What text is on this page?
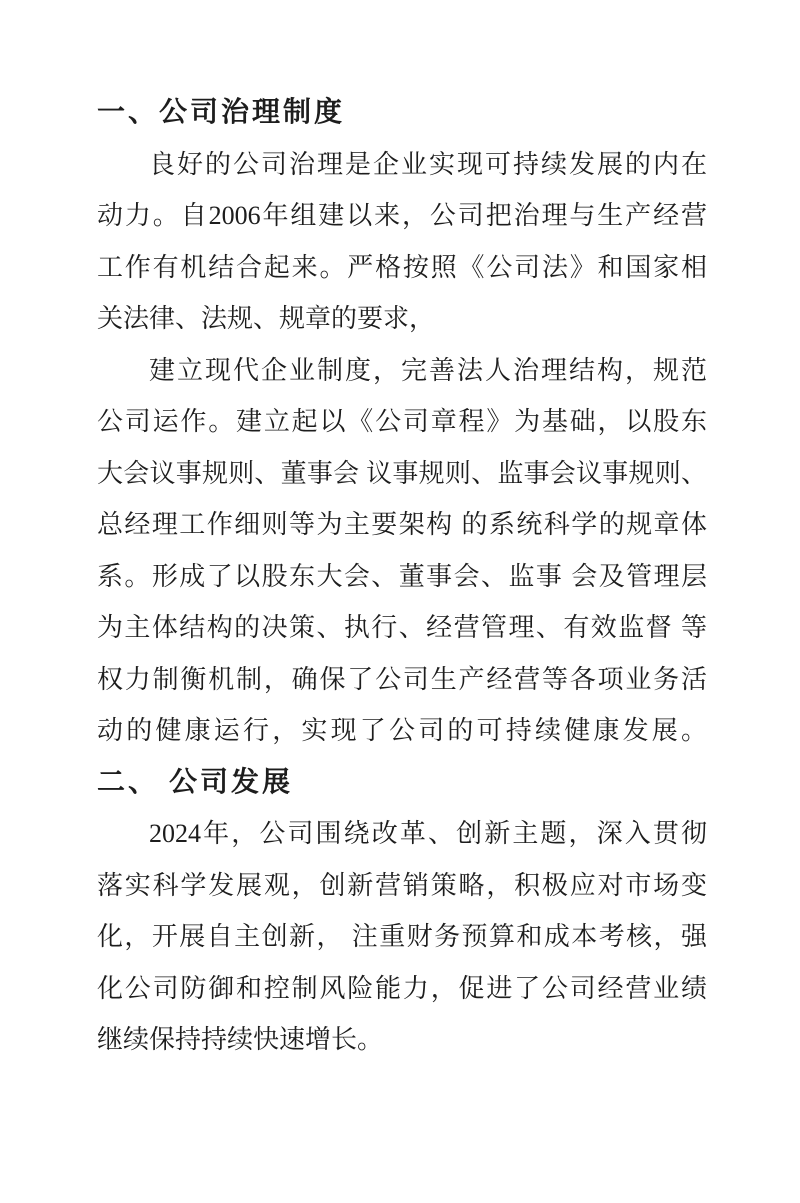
一、公司治理制度
良好的公司治理是企业实现可持续发展的内在
动力。自2006年组建以来，公司把治理与生产经营
工作有机结合起来。严格按照《公司法》和国家相
关法律、法规、规章的要求，
建立现代企业制度，完善法人治理结构，规范
公司运作。建立起以《公司章程》为基础，以股东
大会议事规则、董事会 议事规则、监事会议事规则、
总经理工作细则等为主要架构 的系统科学的规章体
系。形成了以股东大会、董事会、监事 会及管理层
为主体结构的决策、执行、经营管理、有效监督 等
权力制衡机制，确保了公司生产经营等各项业务活
动的健康运行，实现了公司的可持续健康发展。
二、 公司发展
2024年，公司围绕改革、创新主题，深入贯彻
落实科学发展观，创新营销策略，积极应对市场变
化，开展自主创新， 注重财务预算和成本考核，强
化公司防御和控制风险能力，促进了公司经营业绩
继续保持持续快速增长。
